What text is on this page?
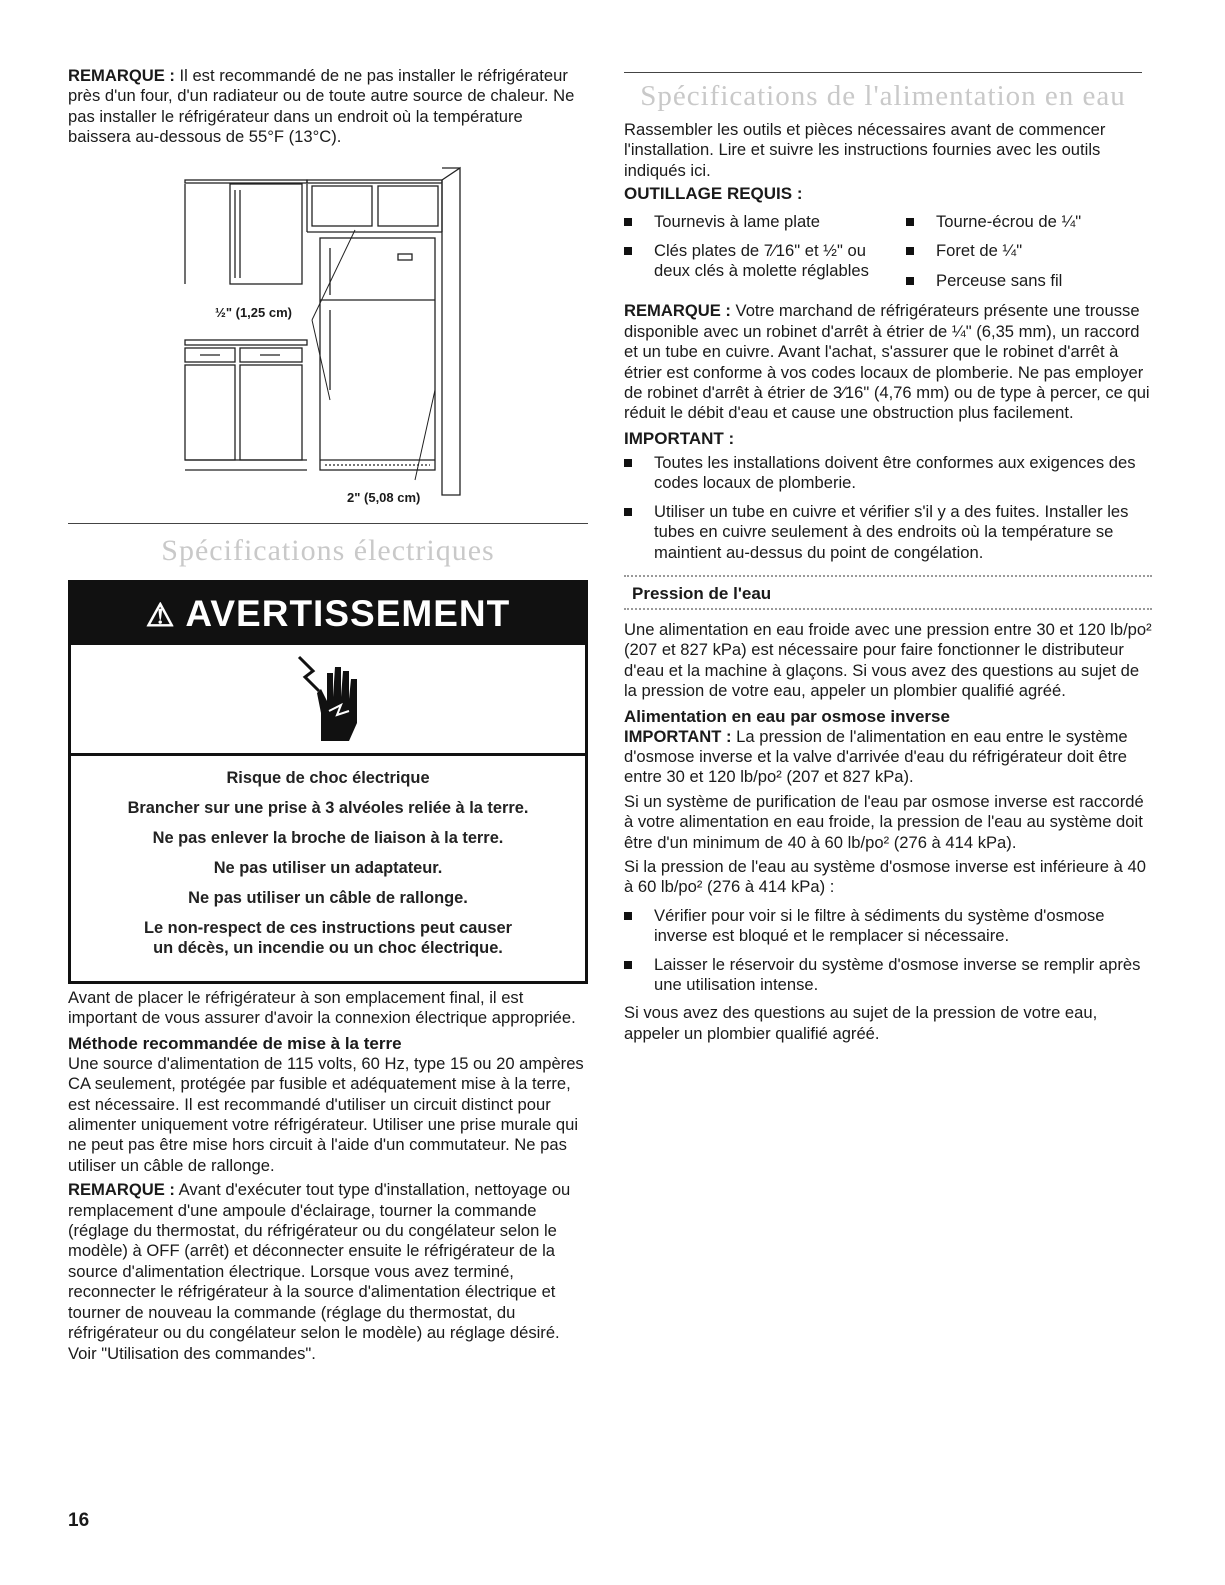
REMARQUE : Il est recommandé de ne pas installer le réfrigérateur près d'un four, d'un radiateur ou de toute autre source de chaleur. Ne pas installer le réfrigérateur dans un endroit où la température baissera au-dessous de 55°F (13°C).

½" (1,25 cm)
2" (5,08 cm)
Spécifications électriques
⚠ AVERTISSEMENT

Risque de choc électrique

Brancher sur une prise à 3 alvéoles reliée à la terre.

Ne pas enlever la broche de liaison à la terre.

Ne pas utiliser un adaptateur.

Ne pas utiliser un câble de rallonge.

Le non-respect de ces instructions peut causer

un décès, un incendie ou un choc électrique.

Avant de placer le réfrigérateur à son emplacement final, il est important de vous assurer d'avoir la connexion électrique appropriée.

Méthode recommandée de mise à la terre

Une source d'alimentation de 115 volts, 60 Hz, type 15 ou 20 ampères CA seulement, protégée par fusible et adéquatement mise à la terre, est nécessaire. Il est recommandé d'utiliser un circuit distinct pour alimenter uniquement votre réfrigérateur. Utiliser une prise murale qui ne peut pas être mise hors circuit à l'aide d'un commutateur. Ne pas utiliser un câble de rallonge.

REMARQUE : Avant d'exécuter tout type d'installation, nettoyage ou remplacement d'une ampoule d'éclairage, tourner la commande (réglage du thermostat, du réfrigérateur ou du congélateur selon le modèle) à OFF (arrêt) et déconnecter ensuite le réfrigérateur de la source d'alimentation électrique. Lorsque vous avez terminé, reconnecter le réfrigérateur à la source d'alimentation électrique et tourner de nouveau la commande (réglage du thermostat, du réfrigérateur ou du congélateur selon le modèle) au réglage désiré. Voir "Utilisation des commandes".

Spécifications de l'alimentation en eau

Rassembler les outils et pièces nécessaires avant de commencer l'installation. Lire et suivre les instructions fournies avec les outils indiqués ici.

OUTILLAGE REQUIS :

Tournevis à lame plate
Clés plates de 7⁄16" et ½" ou deux clés à molette réglables
Tourne-écrou de ¼"
Foret de ¼"
Perceuse sans fil

REMARQUE : Votre marchand de réfrigérateurs présente une trousse disponible avec un robinet d'arrêt à étrier de ¼" (6,35 mm), un raccord et un tube en cuivre. Avant l'achat, s'assurer que le robinet d'arrêt à étrier est conforme à vos codes locaux de plomberie. Ne pas employer de robinet d'arrêt à étrier de 3⁄16" (4,76 mm) ou de type à percer, ce qui réduit le débit d'eau et cause une obstruction plus facilement.

IMPORTANT :

Toutes les installations doivent être conformes aux exigences des codes locaux de plomberie.
Utiliser un tube en cuivre et vérifier s'il y a des fuites. Installer les tubes en cuivre seulement à des endroits où la température se maintient au-dessus du point de congélation.

Pression de l'eau

Une alimentation en eau froide avec une pression entre 30 et 120 lb/po² (207 et 827 kPa) est nécessaire pour faire fonctionner le distributeur d'eau et la machine à glaçons. Si vous avez des questions au sujet de la pression de votre eau, appeler un plombier qualifié agréé.

Alimentation en eau par osmose inverse

IMPORTANT : La pression de l'alimentation en eau entre le système d'osmose inverse et la valve d'arrivée d'eau du réfrigérateur doit être entre 30 et 120 lb/po² (207 et 827 kPa).

Si un système de purification de l'eau par osmose inverse est raccordé à votre alimentation en eau froide, la pression de l'eau au système doit être d'un minimum de 40 à 60 lb/po² (276 à 414 kPa).

Si la pression de l'eau au système d'osmose inverse est inférieure à 40 à 60 lb/po² (276 à 414 kPa) :

Vérifier pour voir si le filtre à sédiments du système d'osmose inverse est bloqué et le remplacer si nécessaire.
Laisser le réservoir du système d'osmose inverse se remplir après une utilisation intense.

Si vous avez des questions au sujet de la pression de votre eau, appeler un plombier qualifié agréé.

16
